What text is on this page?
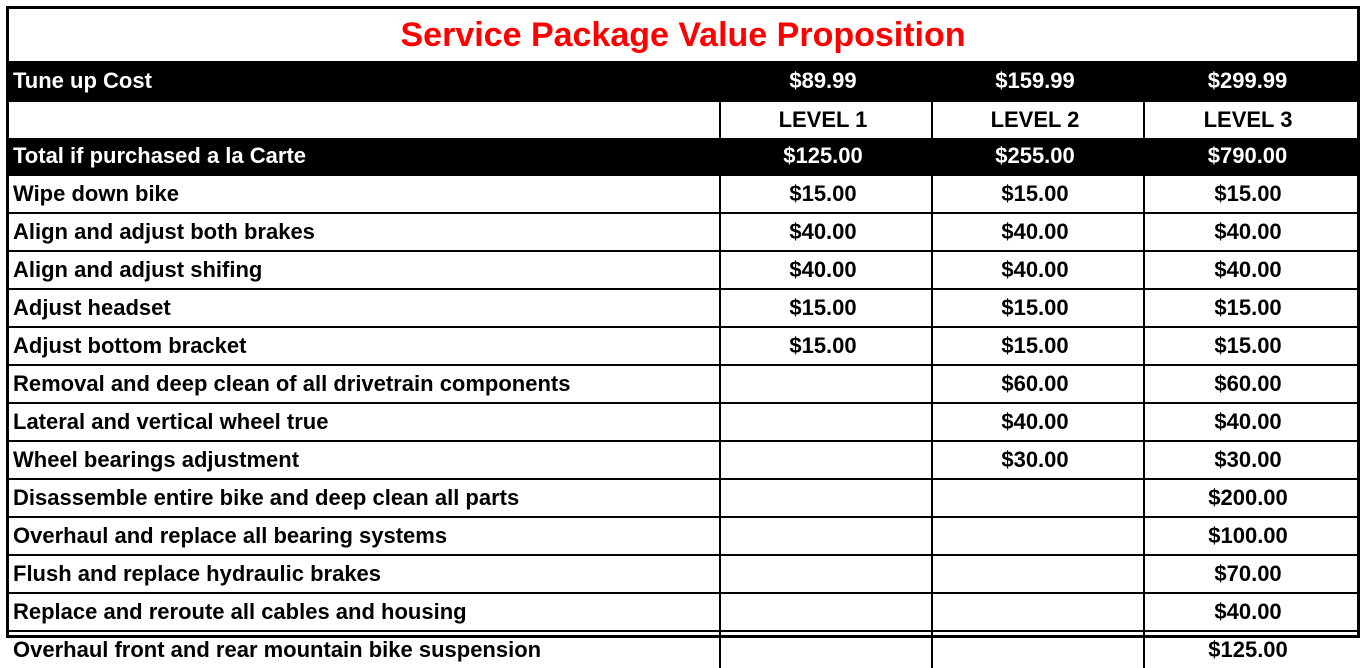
Service Package Value Proposition			
Tune up Cost	$89.99	$159.99	$299.99
	LEVEL 1	LEVEL 2	LEVEL 3
Total if purchased a la Carte	$125.00	$255.00	$790.00
Wipe down bike	$15.00	$15.00	$15.00
Align and adjust both brakes	$40.00	$40.00	$40.00
Align and adjust shifing	$40.00	$40.00	$40.00
Adjust headset	$15.00	$15.00	$15.00
Adjust bottom bracket	$15.00	$15.00	$15.00
Removal and deep clean of all drivetrain components		$60.00	$60.00
Lateral and vertical wheel true		$40.00	$40.00
Wheel bearings adjustment		$30.00	$30.00
Disassemble entire bike and deep clean all parts			$200.00
Overhaul and replace all bearing systems			$100.00
Flush and replace hydraulic brakes			$70.00
Replace and reroute all cables and housing			$40.00
Overhaul front and rear mountain bike suspension			$125.00
